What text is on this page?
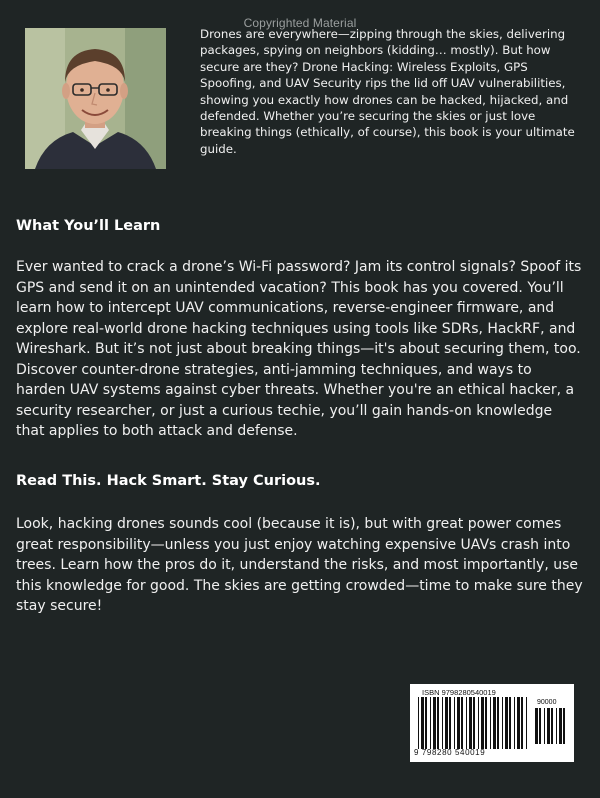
Copyrighted Material

Drones are everywhere—zipping through the skies, delivering packages, spying on neighbors (kidding… mostly). But how secure are they? Drone Hacking: Wireless Exploits, GPS Spoofing, and UAV Security rips the lid off UAV vulnerabilities, showing you exactly how drones can be hacked, hijacked, and defended. Whether you’re securing the skies or just love breaking things (ethically, of course), this book is your ultimate guide.

What You’ll Learn

Ever wanted to crack a drone’s Wi-Fi password? Jam its control signals? Spoof its GPS and send it on an unintended vacation? This book has you covered. You’ll learn how to intercept UAV communications, reverse-engineer firmware, and explore real-world drone hacking techniques using tools like SDRs, HackRF, and Wireshark. But it’s not just about breaking things—it's about securing them, too. Discover counter-drone strategies, anti-jamming techniques, and ways to harden UAV systems against cyber threats. Whether you're an ethical hacker, a security researcher, or just a curious techie, you’ll gain hands-on knowledge that applies to both attack and defense.

Read This. Hack Smart. Stay Curious.

Look, hacking drones sounds cool (because it is), but with great power comes great responsibility—unless you just enjoy watching expensive UAVs crash into trees. Learn how the pros do it, understand the risks, and most importantly, use this knowledge for good. The skies are getting crowded—time to make sure they stay secure!

ISBN 9798280540019
90000
9 798280 540019
